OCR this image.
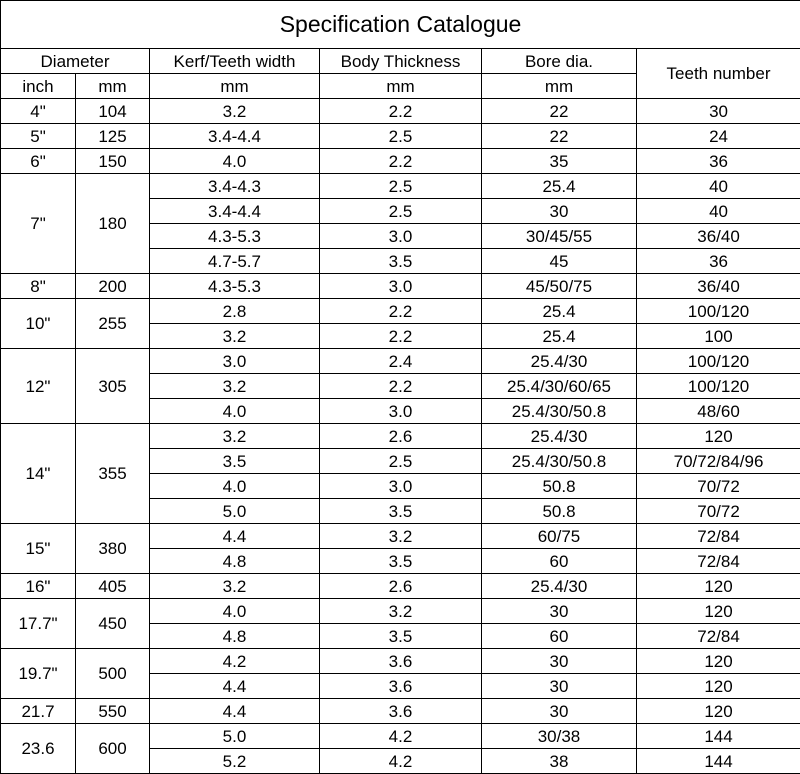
Specification Catalogue					
Diameter		Kerf/Teeth width	Body Thickness	Bore dia.	Teeth number
inch	mm	mm	mm	mm	
4"	104	3.2	2.2	22	30
5"	125	3.4-4.4	2.5	22	24
6"	150	4.0	2.2	35	36
7"	180	3.4-4.3	2.5	25.4	40
		3.4-4.4	2.5	30	40
		4.3-5.3	3.0	30/45/55	36/40
		4.7-5.7	3.5	45	36
8"	200	4.3-5.3	3.0	45/50/75	36/40
10"	255	2.8	2.2	25.4	100/120
		3.2	2.2	25.4	100
12"	305	3.0	2.4	25.4/30	100/120
		3.2	2.2	25.4/30/60/65	100/120
		4.0	3.0	25.4/30/50.8	48/60
14"	355	3.2	2.6	25.4/30	120
		3.5	2.5	25.4/30/50.8	70/72/84/96
		4.0	3.0	50.8	70/72
		5.0	3.5	50.8	70/72
15"	380	4.4	3.2	60/75	72/84
		4.8	3.5	60	72/84
16"	405	3.2	2.6	25.4/30	120
17.7"	450	4.0	3.2	30	120
		4.8	3.5	60	72/84
19.7"	500	4.2	3.6	30	120
		4.4	3.6	30	120
21.7	550	4.4	3.6	30	120
23.6	600	5.0	4.2	30/38	144
		5.2	4.2	38	144
